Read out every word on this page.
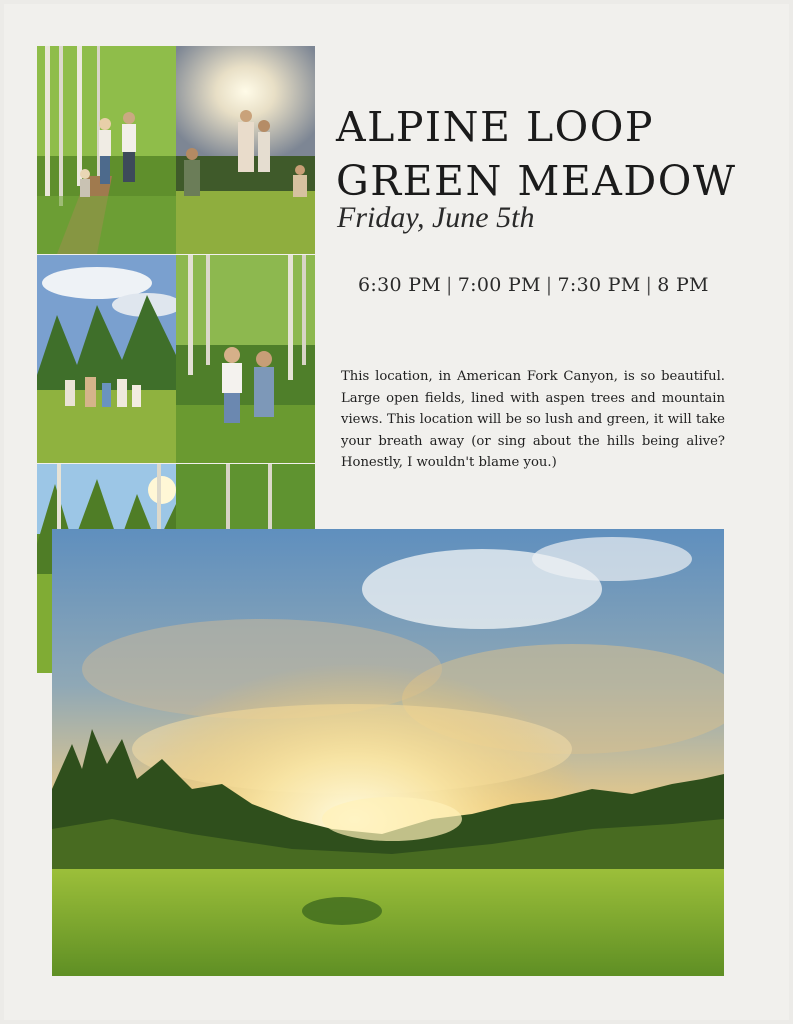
ALPINE LOOP
GREEN MEADOW
Friday, June 5th
6:30 PM | 7:00 PM | 7:30 PM | 8 PM

This location, in American Fork Canyon, is so beautiful. Large open fields, lined with aspen trees and mountain views. This location will be so lush and green, it will take your breath away (or sing about the hills being alive? Honestly, I wouldn't blame you.)
